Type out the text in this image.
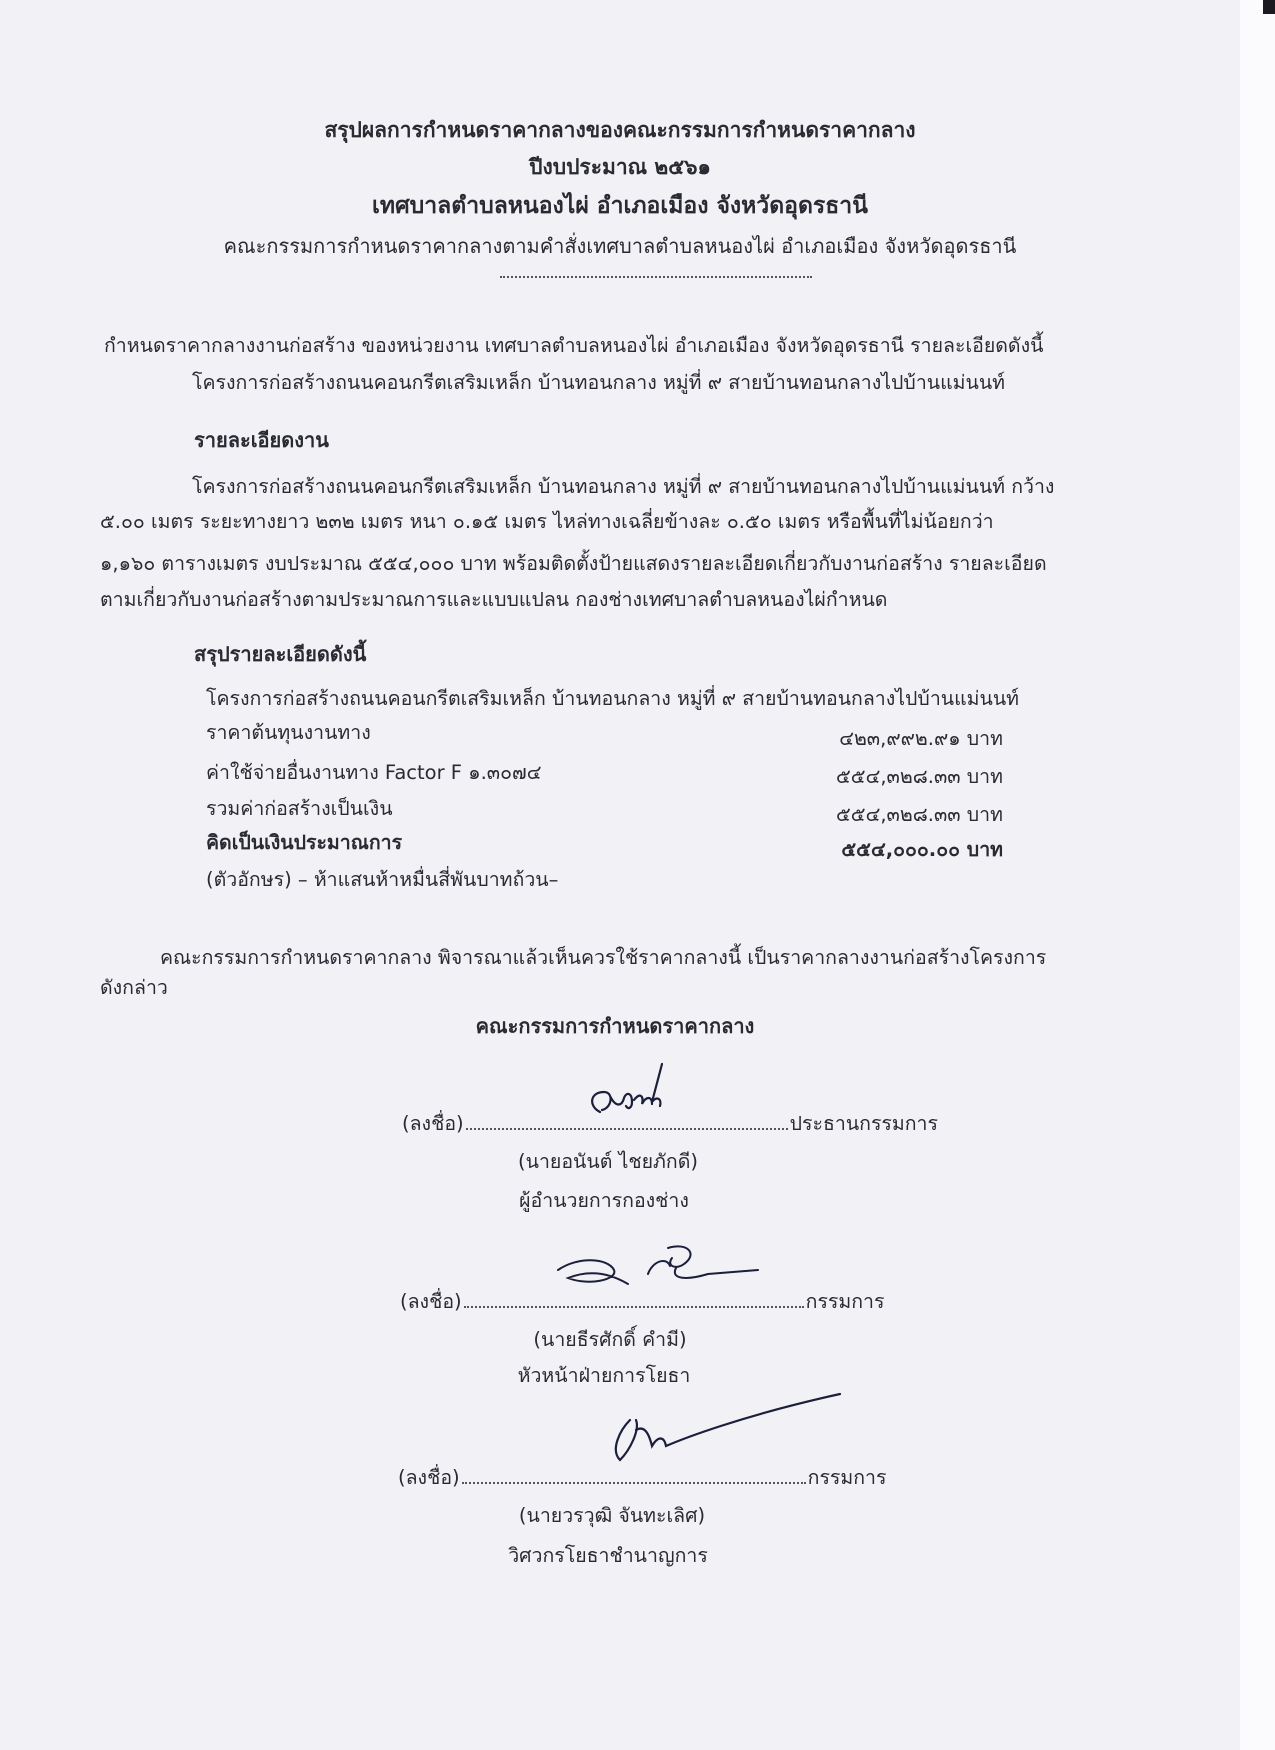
สรุปผลการกำหนดราคากลางของคณะกรรมการกำหนดราคากลาง
ปีงบประมาณ ๒๕๖๑
เทศบาลตำบลหนองไผ่ อำเภอเมือง จังหวัดอุดรธานี
คณะกรรมการกำหนดราคากลางตามคำสั่งเทศบาลตำบลหนองไผ่ อำเภอเมือง จังหวัดอุดรธานี
กำหนดราคากลางงานก่อสร้าง ของหน่วยงาน เทศบาลตำบลหนองไผ่ อำเภอเมือง จังหวัดอุดรธานี รายละเอียดดังนี้
โครงการก่อสร้างถนนคอนกรีตเสริมเหล็ก บ้านทอนกลาง หมู่ที่ ๙ สายบ้านทอนกลางไปบ้านแม่นนท์
รายละเอียดงาน
โครงการก่อสร้างถนนคอนกรีตเสริมเหล็ก บ้านทอนกลาง หมู่ที่ ๙ สายบ้านทอนกลางไปบ้านแม่นนท์ กว้าง
๕.๐๐ เมตร ระยะทางยาว ๒๓๒ เมตร หนา ๐.๑๕ เมตร ไหล่ทางเฉลี่ยข้างละ ๐.๕๐ เมตร หรือพื้นที่ไม่น้อยกว่า
๑,๑๖๐ ตารางเมตร งบประมาณ ๕๕๔,๐๐๐ บาท พร้อมติดตั้งป้ายแสดงรายละเอียดเกี่ยวกับงานก่อสร้าง รายละเอียด
ตามเกี่ยวกับงานก่อสร้างตามประมาณการและแบบแปลน กองช่างเทศบาลตำบลหนองไผ่กำหนด
สรุปรายละเอียดดังนี้
โครงการก่อสร้างถนนคอนกรีตเสริมเหล็ก บ้านทอนกลาง หมู่ที่ ๙ สายบ้านทอนกลางไปบ้านแม่นนท์
ราคาต้นทุนงานทาง	๔๒๓,๙๙๒.๙๑ บาท
ค่าใช้จ่ายอื่นงานทาง Factor F ๑.๓๐๗๔	๕๕๔,๓๒๘.๓๓ บาท
รวมค่าก่อสร้างเป็นเงิน	๕๕๔,๓๒๘.๓๓ บาท
คิดเป็นเงินประมาณการ	๕๕๔,๐๐๐.๐๐ บาท
(ตัวอักษร) – ห้าแสนห้าหมื่นสี่พันบาทถ้วน–
คณะกรรมการกำหนดราคากลาง พิจารณาแล้วเห็นควรใช้ราคากลางนี้ เป็นราคากลางงานก่อสร้างโครงการ
ดังกล่าว
คณะกรรมการกำหนดราคากลาง
(ลงชื่อ)	ประธานกรรมการ
(นายอนันต์ ไชยภักดี)
ผู้อำนวยการกองช่าง
(ลงชื่อ)	กรรมการ
(นายธีรศักดิ์ คำมี)
หัวหน้าฝ่ายการโยธา
(ลงชื่อ)	กรรมการ
(นายวรวุฒิ จันทะเลิศ)
วิศวกรโยธาชำนาญการ
